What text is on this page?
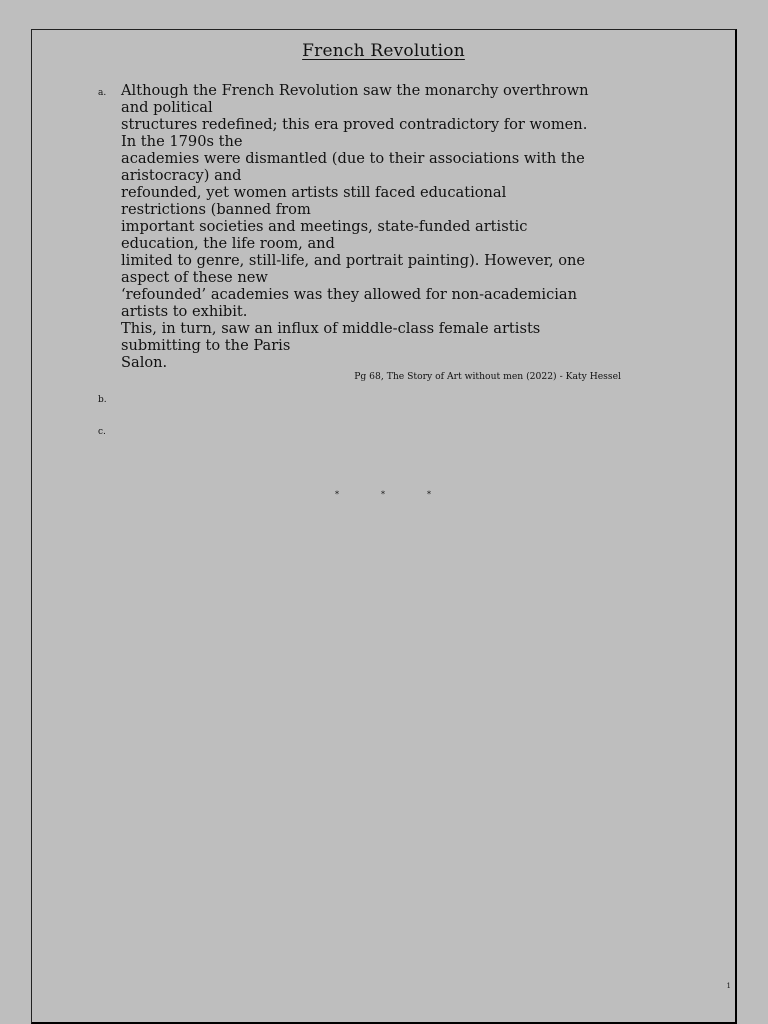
French Revolution
a. Although the French Revolution saw the monarchy overthrown
and political
structures redefined; this era proved contradictory for women.
In the 1790s the
academies were dismantled (due to their associations with the
aristocracy) and
refounded, yet women artists still faced educational
restrictions (banned from
important societies and meetings, state-funded artistic
education, the life room, and
limited to genre, still-life, and portrait painting). However, one
aspect of these new
‘refounded’ academies was they allowed for non-academician
artists to exhibit.
This, in turn, saw an influx of middle-class female artists
submitting to the Paris
Salon.
Pg 68, The Story of Art without men (2022) - Katy Hessel
b.
c.
*	*	*
1
